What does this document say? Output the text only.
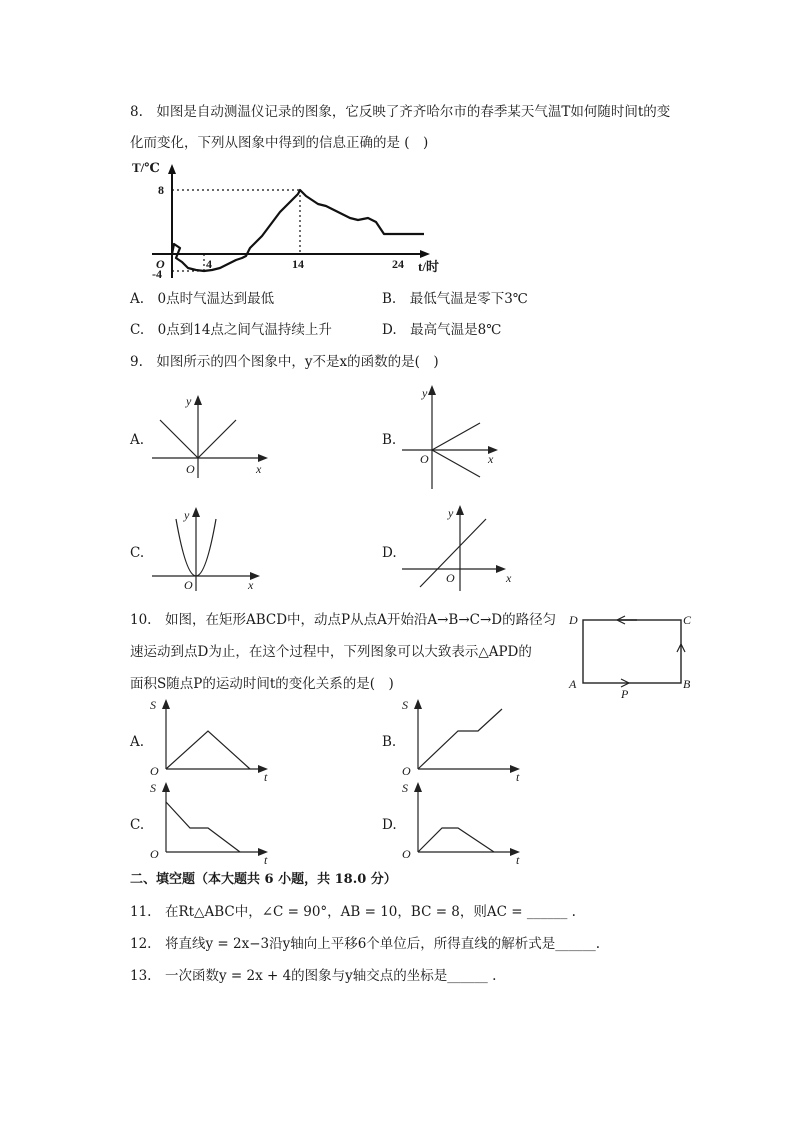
8.　如图是自动测温仪记录的图象，它反映了齐齐哈尔市的春季某天气温T如何随时间t的变
化而变化，下列从图象中得到的信息正确的是 (　)
T/℃
8
O
-4
4	14	24 t/时
A.　0点时气温达到最低	B.　最低气温是零下3℃
C.　0点到14点之间气温持续上升	D.　最高气温是8℃
9.　如图所示的四个图象中，y不是x的函数的是(　)
A.
y
O	x
B.
y
O	x
C.
y
O	x
D.
y
O	x
10.　如图，在矩形ABCD中，动点P从点A开始沿A→B→C→D的路径匀
速运动到点D为止，在这个过程中，下列图象可以大致表示△APD的
面积S随点P的运动时间t的变化关系的是(　)
D	C
A	B
P
A.
S
O	t
B.
S
O	t
C.
S
O	t
D.
S
O	t
二、填空题（本大题共 6 小题，共 18.0 分）
11.　在Rt△ABC中，∠C = 90°，AB = 10，BC = 8，则AC = ______ .
12.　将直线y = 2x−3沿y轴向上平移6个单位后，所得直线的解析式是______.
13.　一次函数y = 2x + 4的图象与y轴交点的坐标是______ .
